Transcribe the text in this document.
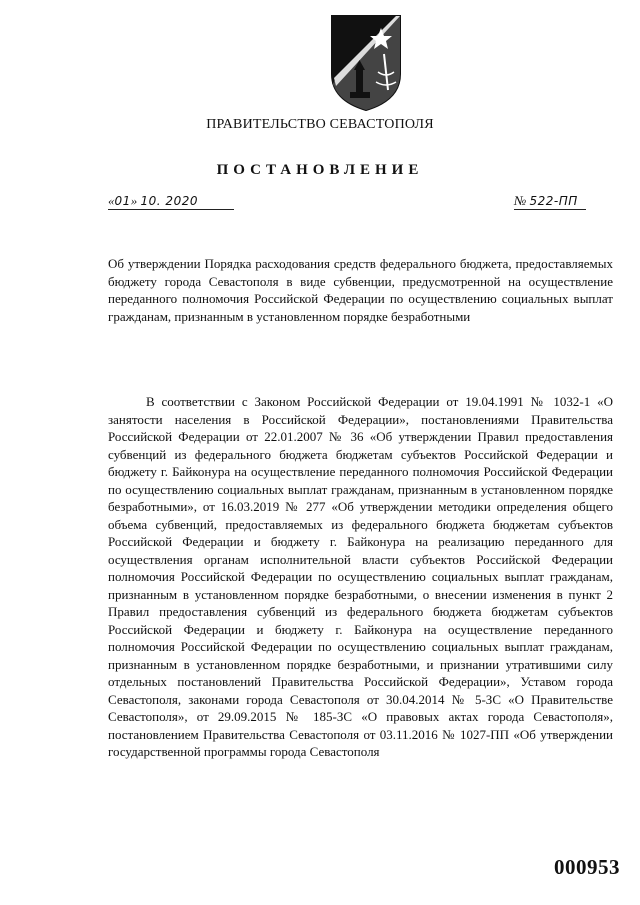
ПРАВИТЕЛЬСТВО СЕВАСТОПОЛЯ
ПОСТАНОВЛЕНИЕ
«01» 10. 2020	№ 522-ПП
Об утверждении Порядка расходования средств федерального бюджета, предоставляемых бюджету города Севастополя в виде субвенции, предусмотренной на осуществление переданного полномочия Российской Федерации по осуществлению социальных выплат гражданам, признанным в установленном порядке безработными
В соответствии с Законом Российской Федерации от 19.04.1991 № 1032-1 «О занятости населения в Российской Федерации», постановлениями Правительства Российской Федерации от 22.01.2007 № 36 «Об утверждении Правил предоставления субвенций из федерального бюджета бюджетам субъектов Российской Федерации и бюджету г. Байконура на осуществление переданного полномочия Российской Федерации по осуществлению социальных выплат гражданам, признанным в установленном порядке безработными», от 16.03.2019 № 277 «Об утверждении методики определения общего объема субвенций, предоставляемых из федерального бюджета бюджетам субъектов Российской Федерации и бюджету г. Байконура на реализацию переданного для осуществления органам исполнительной власти субъектов Российской Федерации полномочия Российской Федерации по осуществлению социальных выплат гражданам, признанным в установленном порядке безработными, о внесении изменения в пункт 2 Правил предоставления субвенций из федерального бюджета бюджетам субъектов Российской Федерации и бюджету г. Байконура на осуществление переданного полномочия Российской Федерации по осуществлению социальных выплат гражданам, признанным в установленном порядке безработными, и признании утратившими силу отдельных постановлений Правительства Российской Федерации», Уставом города Севастополя, законами города Севастополя от 30.04.2014 № 5-ЗС «О Правительстве Севастополя», от 29.09.2015 № 185-ЗС «О правовых актах города Севастополя», постановлением Правительства Севастополя от 03.11.2016 № 1027-ПП «Об утверждении государственной программы города Севастополя
000953
